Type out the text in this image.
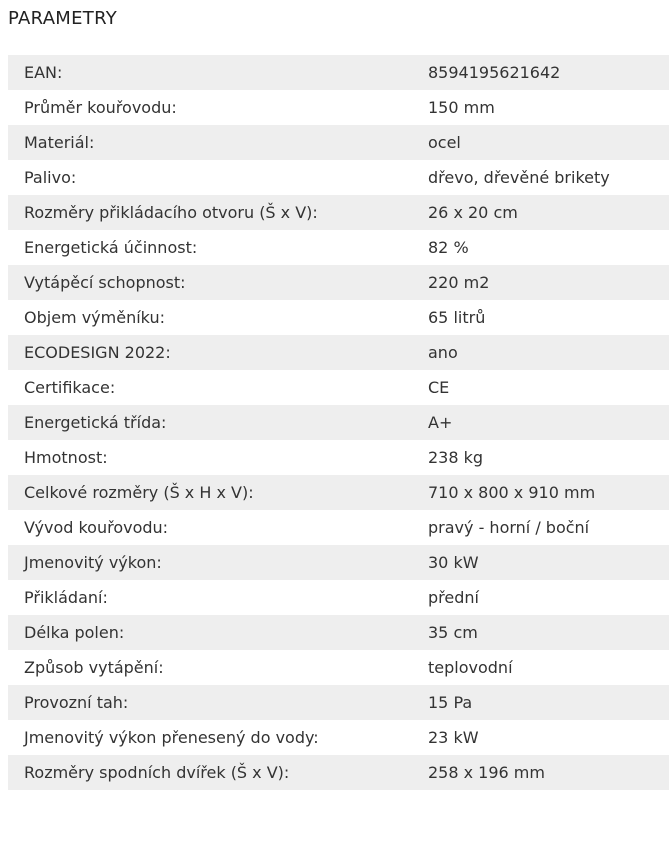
PARAMETRY
EAN:	8594195621642
Průměr kouřovodu:	150 mm
Materiál:	ocel
Palivo:	dřevo, dřevěné brikety
Rozměry přikládacího otvoru (Š x V):	26 x 20 cm
Energetická účinnost:	82 %
Vytápěcí schopnost:	220 m2
Objem výměníku:	65 litrů
ECODESIGN 2022:	ano
Certifikace:	CE
Energetická třída:	A+
Hmotnost:	238 kg
Celkové rozměry (Š x H x V):	710 x 800 x 910 mm
Vývod kouřovodu:	pravý - horní / boční
Jmenovitý výkon:	30 kW
Přikládaní:	přední
Délka polen:	35 cm
Způsob vytápění:	teplovodní
Provozní tah:	15 Pa
Jmenovitý výkon přenesený do vody:	23 kW
Rozměry spodních dvířek (Š x V):	258 x 196 mm
